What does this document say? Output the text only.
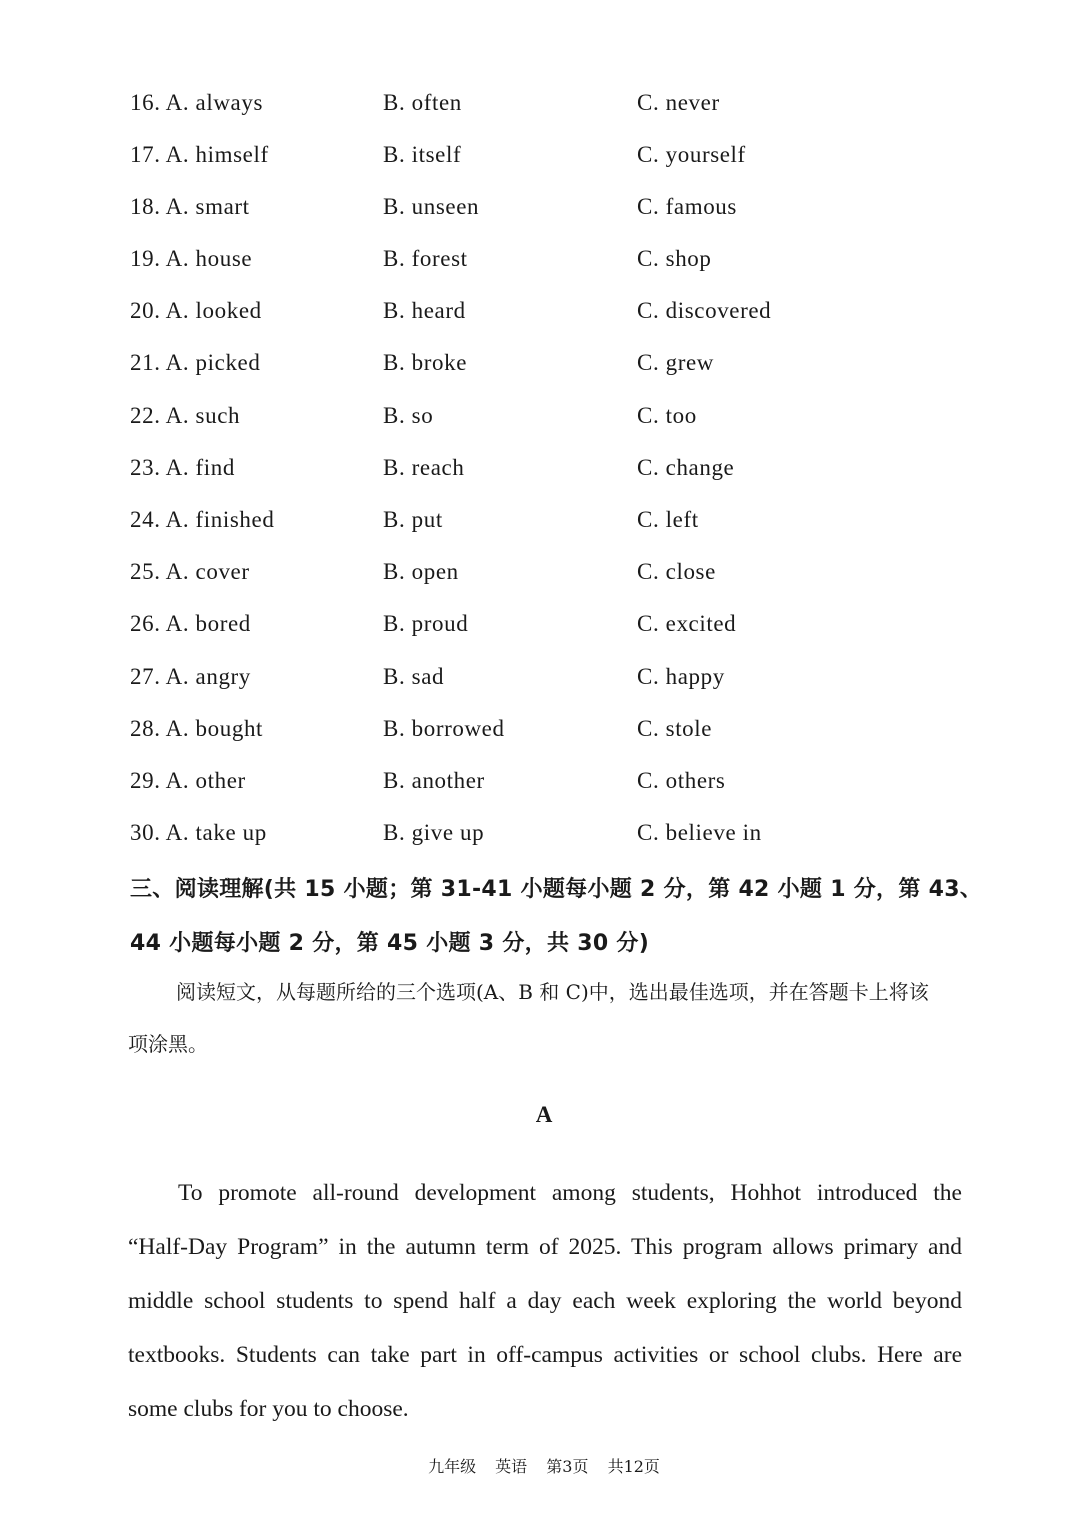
16. A. always	B. often	C. never
17. A. himself	B. itself	C. yourself
18. A. smart	B. unseen	C. famous
19. A. house	B. forest	C. shop
20. A. looked	B. heard	C. discovered
21. A. picked	B. broke	C. grew
22. A. such	B. so	C. too
23. A. find	B. reach	C. change
24. A. finished	B. put	C. left
25. A. cover	B. open	C. close
26. A. bored	B. proud	C. excited
27. A. angry	B. sad	C. happy
28. A. bought	B. borrowed	C. stole
29. A. other	B. another	C. others
30. A. take up	B. give up	C. believe in
三、阅读理解(共 15 小题；第 31-41 小题每小题 2 分，第 42 小题 1 分，第 43、
44 小题每小题 2 分，第 45 小题 3 分，共 30 分)
阅读短文，从每题所给的三个选项(A、B 和 C)中，选出最佳选项，并在答题卡上将该
项涂黑。
A
To promote all-round development among students, Hohhot introduced the
“Half-Day Program” in the autumn term of 2025. This program allows primary and
middle school students to spend half a day each week exploring the world beyond
textbooks. Students can take part in off-campus activities or school clubs. Here are
some clubs for you to choose.
九年级 英语 第3页 共12页
